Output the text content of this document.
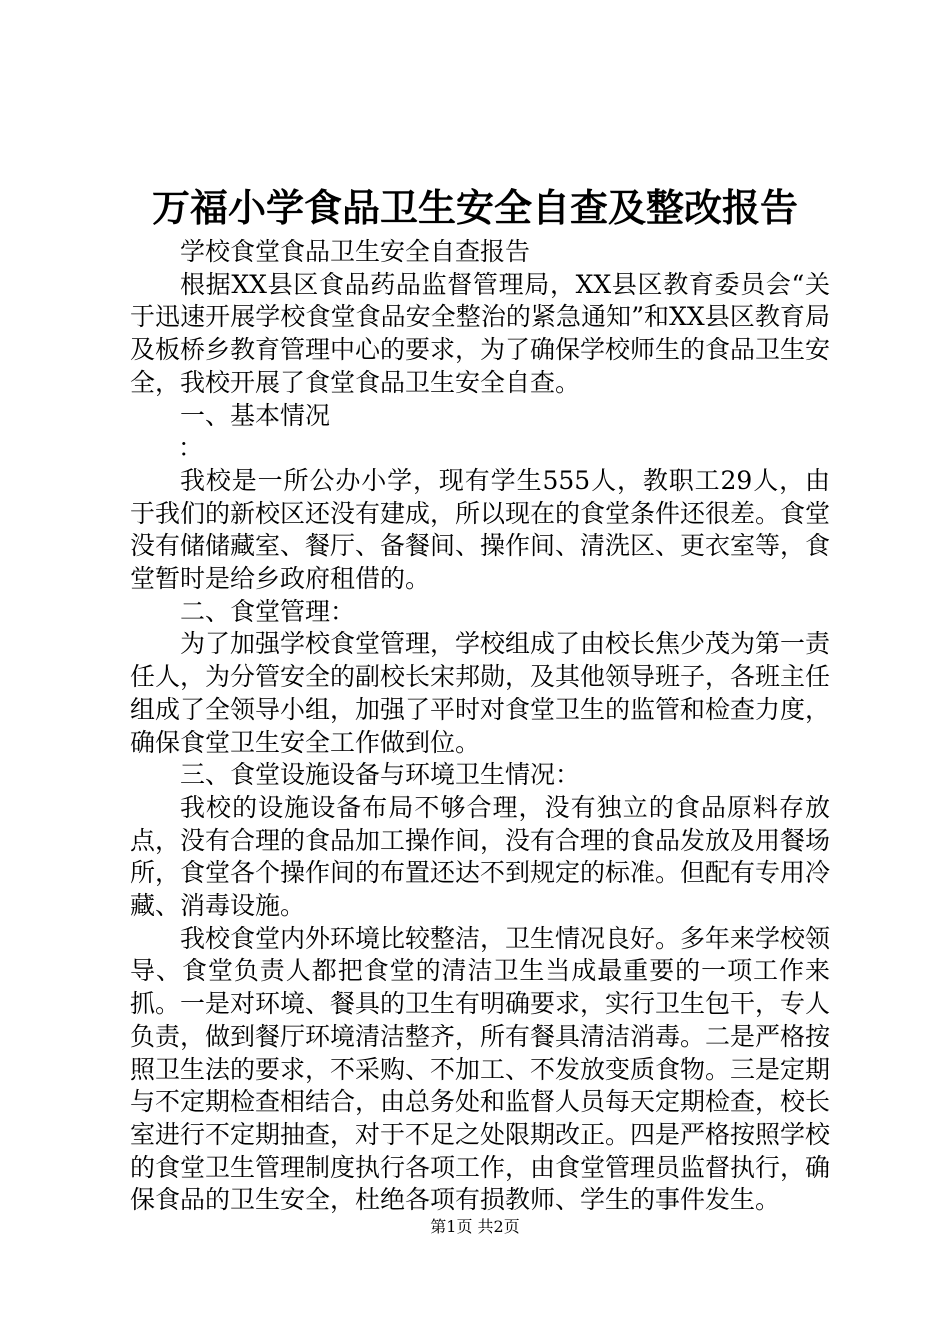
万福小学食品卫生安全自查及整改报告

学校食堂食品卫生安全自查报告

根据XX县区食品药品监督管理局，XX县区教育委员会“关于迅速开展学校食堂食品安全整治的紧急通知”和XX县区教育局及板桥乡教育管理中心的要求，为了确保学校师生的食品卫生安全，我校开展了食堂食品卫生安全自查。

一、基本情况

：

我校是一所公办小学，现有学生555人，教职工29人，由于我们的新校区还没有建成，所以现在的食堂条件还很差。食堂没有储储藏室、餐厅、备餐间、操作间、清洗区、更衣室等，食堂暂时是给乡政府租借的。

二、食堂管理：

为了加强学校食堂管理，学校组成了由校长焦少茂为第一责任人，为分管安全的副校长宋邦勋，及其他领导班子，各班主任组成了全领导小组，加强了平时对食堂卫生的监管和检查力度，确保食堂卫生安全工作做到位。

三、食堂设施设备与环境卫生情况：

我校的设施设备布局不够合理，没有独立的食品原料存放点，没有合理的食品加工操作间，没有合理的食品发放及用餐场所，食堂各个操作间的布置还达不到规定的标准。但配有专用冷藏、消毒设施。

我校食堂内外环境比较整洁，卫生情况良好。多年来学校领导、食堂负责人都把食堂的清洁卫生当成最重要的一项工作来抓。一是对环境、餐具的卫生有明确要求，实行卫生包干，专人负责，做到餐厅环境清洁整齐，所有餐具清洁消毒。二是严格按照卫生法的要求，不采购、不加工、不发放变质食物。三是定期与不定期检查相结合，由总务处和监督人员每天定期检查，校长室进行不定期抽查，对于不足之处限期改正。四是严格按照学校的食堂卫生管理制度执行各项工作，由食堂管理员监督执行，确保食品的卫生安全，杜绝各项有损教师、学生的事件发生。

第1页 共2页
